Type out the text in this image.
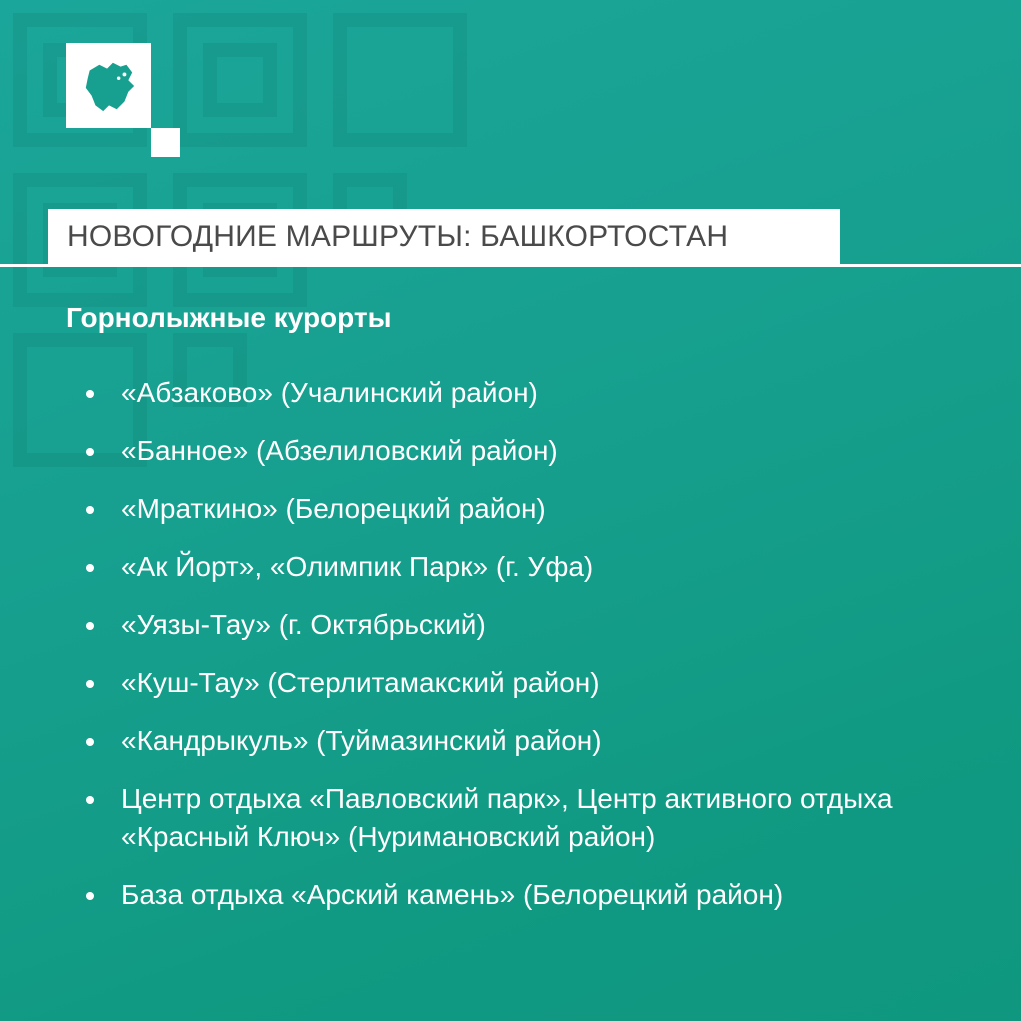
НОВОГОДНИЕ МАРШРУТЫ: БАШКОРТОСТАН
Горнолыжные курорты
«Абзаково» (Учалинский район)
«Банное» (Абзелиловский район)
«Мраткино» (Белорецкий район)
«Ак Йорт», «Олимпик Парк» (г. Уфа)
«Уязы-Тау» (г. Октябрьский)
«Куш-Тау» (Стерлитамакский район)
«Кандрыкуль» (Туймазинский район)
Центр отдыха «Павловский парк», Центр активного отдыха «Красный Ключ» (Нуримановский район)
База отдыха «Арский камень» (Белорецкий район)
